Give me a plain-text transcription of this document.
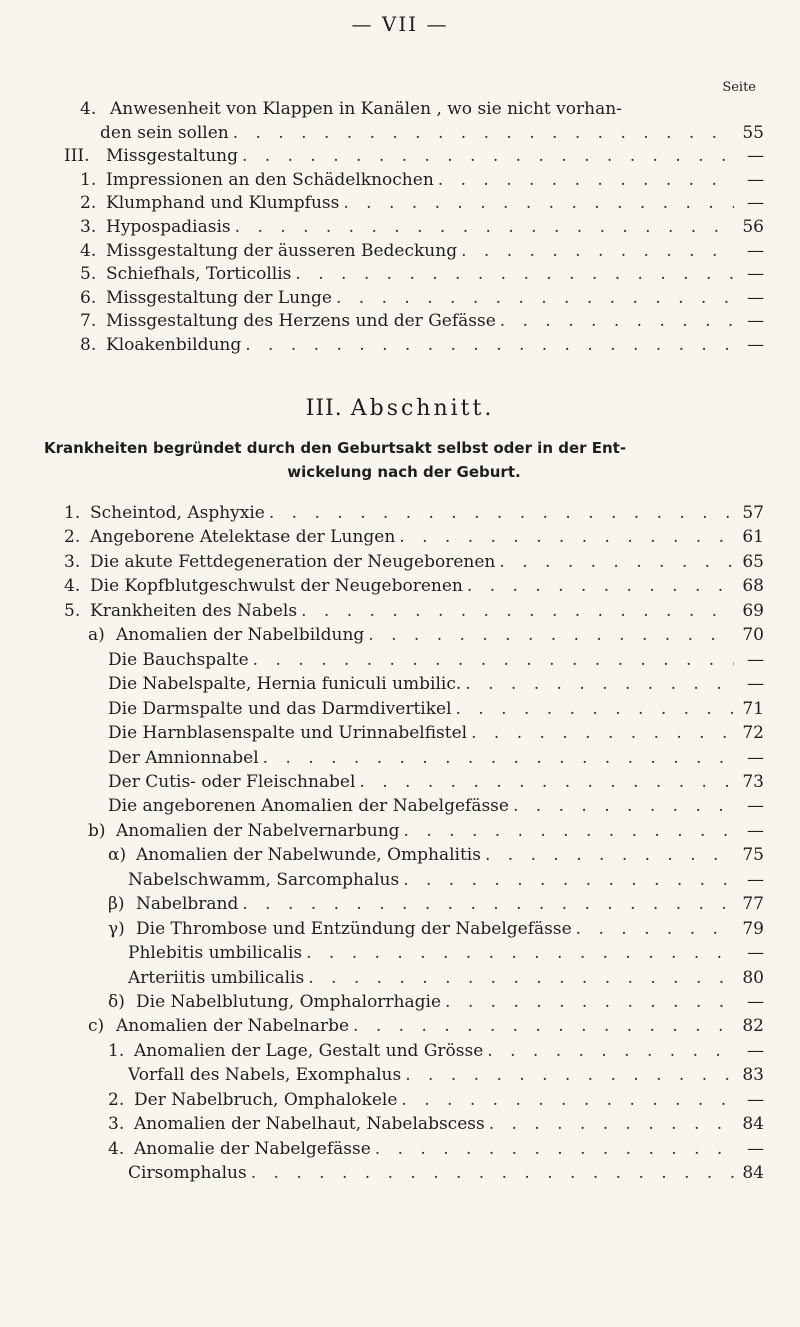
— VII —
Seite
4. Anwesenheit von Klappen in Kanälen , wo sie nicht vorhan-
den sein sollen . . .	55
III. Missgestaltung . . .	—
1. Impressionen an den Schädelknochen . . .	—
2. Klumphand und Klumpfuss . . .	—
3. Hypospadiasis . . .	56
4. Missgestaltung der äusseren Bedeckung . . .	—
5. Schiefhals, Torticollis . . .	—
6. Missgestaltung der Lunge . . .	—
7. Missgestaltung des Herzens und der Gefässe . . .	—
8. Kloakenbildung . . .	—
III. Abschnitt.
Krankheiten begründet durch den Geburtsakt selbst oder in der Ent-
wickelung nach der Geburt.
1. Scheintod, Asphyxie . . .	57
2. Angeborene Atelektase der Lungen . . .	61
3. Die akute Fettdegeneration der Neugeborenen . . .	65
4. Die Kopfblutgeschwulst der Neugeborenen . . .	68
5. Krankheiten des Nabels . . .	69
a) Anomalien der Nabelbildung . . .	70
Die Bauchspalte . . .	—
Die Nabelspalte, Hernia funiculi umbilic. . . .	—
Die Darmspalte und das Darmdivertikel . . .	71
Die Harnblasenspalte und Urinnabelfistel . . .	72
Der Amnionnabel . . .	—
Der Cutis- oder Fleischnabel . . .	73
Die angeborenen Anomalien der Nabelgefässe . . .	—
b) Anomalien der Nabelvernarbung . . .	—
α) Anomalien der Nabelwunde, Omphalitis . . .	75
Nabelschwamm, Sarcomphalus . . .	—
β) Nabelbrand . . .	77
γ) Die Thrombose und Entzündung der Nabelgefässe . . .	79
Phlebitis umbilicalis . . .	—
Arteriitis umbilicalis . . .	80
δ) Die Nabelblutung, Omphalorrhagie . . .	—
c) Anomalien der Nabelnarbe . . .	82
1. Anomalien der Lage, Gestalt und Grösse . . .	—
Vorfall des Nabels, Exomphalus . . .	83
2. Der Nabelbruch, Omphalokele . . .	—
3. Anomalien der Nabelhaut, Nabelabscess . . .	84
4. Anomalie der Nabelgefässe . . .	—
Cirsomphalus . . .	84
